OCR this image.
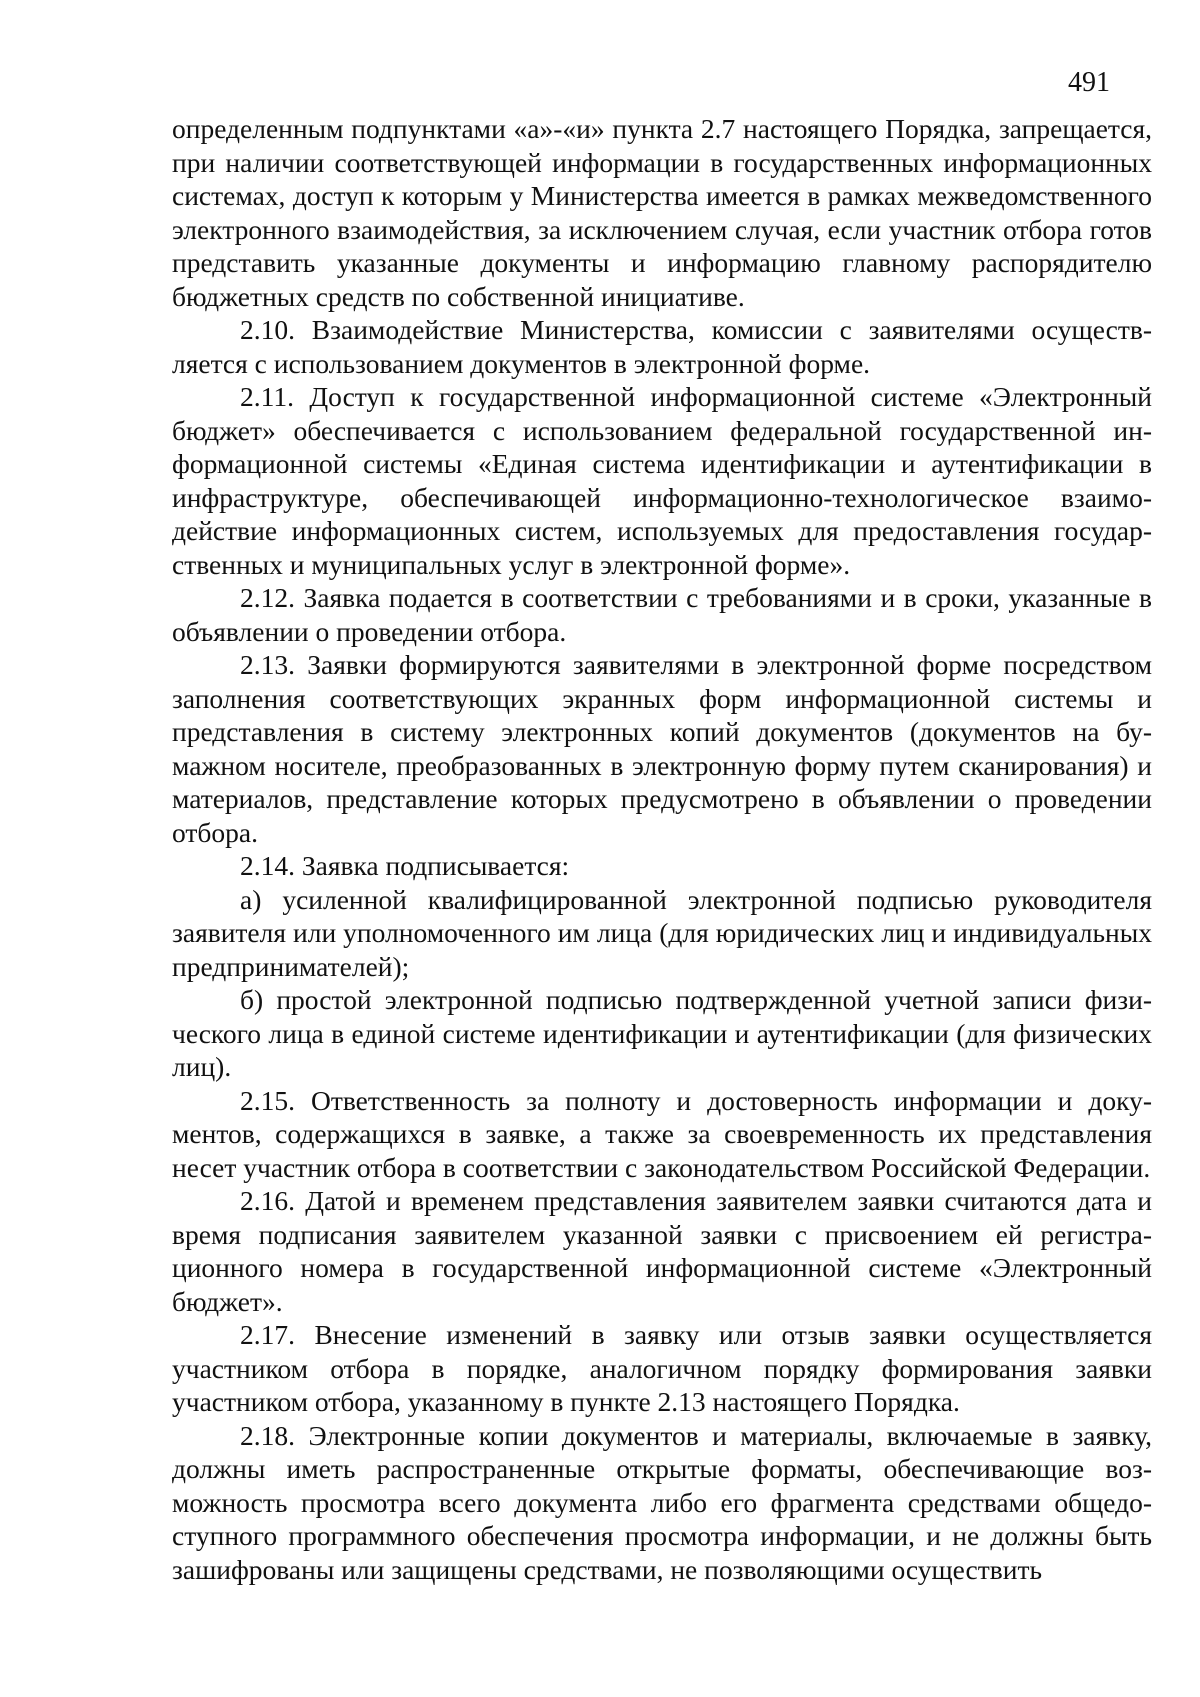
491

определенным подпунктами «а»-«и» пункта 2.7 настоящего Порядка, запрещается, при наличии соответствующей информации в государственных информационных системах, доступ к которым у Министерства имеется в рамках межведомственного электронного взаимодействия, за исключением случая, если участник отбора готов представить указанные документы и информацию главному распорядителю бюджетных средств по собственной инициативе.

2.10. Взаимодействие Министерства, комиссии с заявителями осуществляется с использованием документов в электронной форме.

2.11. Доступ к государственной информационной системе «Электронный бюджет» обеспечивается с использованием федеральной государственной информационной системы «Единая система идентификации и аутентификации в инфраструктуре, обеспечивающей информационно-технологическое взаимодействие информационных систем, используемых для предоставления государственных и муниципальных услуг в электронной форме».

2.12. Заявка подается в соответствии с требованиями и в сроки, указанные в объявлении о проведении отбора.

2.13. Заявки формируются заявителями в электронной форме посредством заполнения соответствующих экранных форм информационной системы и представления в систему электронных копий документов (документов на бумажном носителе, преобразованных в электронную форму путем сканирования) и материалов, представление которых предусмотрено в объявлении о проведении отбора.

2.14. Заявка подписывается:

а) усиленной квалифицированной электронной подписью руководителя заявителя или уполномоченного им лица (для юридических лиц и индивидуальных предпринимателей);

б) простой электронной подписью подтвержденной учетной записи физического лица в единой системе идентификации и аутентификации (для физических лиц).

2.15. Ответственность за полноту и достоверность информации и документов, содержащихся в заявке, а также за своевременность их представления несет участник отбора в соответствии с законодательством Российской Федерации.

2.16. Датой и временем представления заявителем заявки считаются дата и время подписания заявителем указанной заявки с присвоением ей регистрационного номера в государственной информационной системе «Электронный бюджет».

2.17. Внесение изменений в заявку или отзыв заявки осуществляется участником отбора в порядке, аналогичном порядку формирования заявки участником отбора, указанному в пункте 2.13 настоящего Порядка.

2.18. Электронные копии документов и материалы, включаемые в заявку, должны иметь распространенные открытые форматы, обеспечивающие возможность просмотра всего документа либо его фрагмента средствами общедоступного программного обеспечения просмотра информации, и не должны быть зашифрованы или защищены средствами, не позволяющими осуществить
